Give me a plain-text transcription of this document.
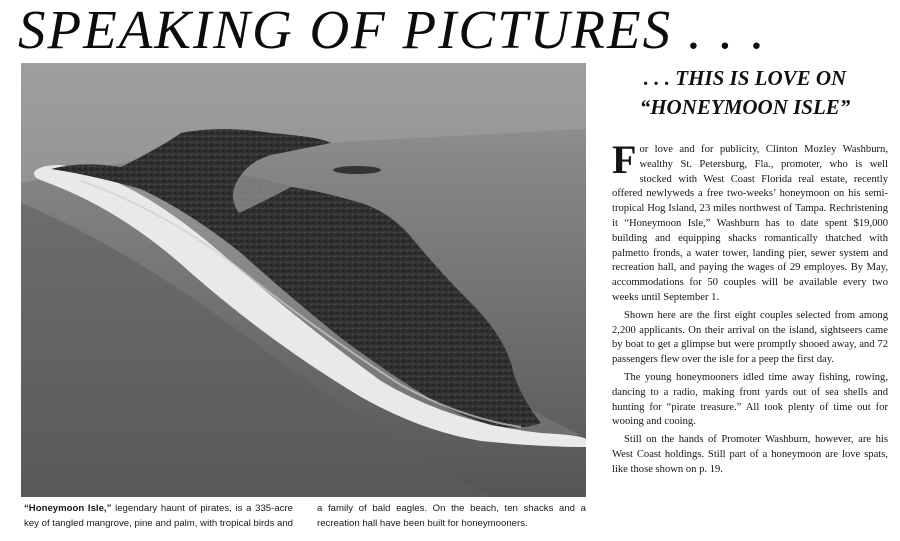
SPEAKING OF PICTURES . . .
. . . THIS IS LOVE ON
“HONEYMOON ISLE”

For love and for publicity, Clinton Mozley Washburn, wealthy St. Petersburg, Fla., promoter, who is well stocked with West Coast Florida real estate, recently offered newlyweds a free two-weeks’ honeymoon on his semi-tropical Hog Island, 23 miles northwest of Tampa. Rechristening it “Honeymoon Isle,” Washburn has to date spent $19,000 building and equipping shacks romantically thatched with palmetto fronds, a water tower, landing pier, sewer system and recreation hall, and paying the wages of 29 employes. By May, accommodations for 50 couples will be available every two weeks until September 1.

Shown here are the first eight couples selected from among 2,200 applicants. On their arrival on the island, sightseers came by boat to get a glimpse but were promptly shooed away, and 72 passengers flew over the isle for a peep the first day.

The young honeymooners idled time away fishing, rowing, dancing to a radio, making front yards out of sea shells and hunting for “pirate treasure.” All took plenty of time out for wooing and cooing.

Still on the hands of Promoter Washburn, however, are his West Coast holdings. Still part of a honeymoon are love spats, like those shown on p. 19.

“Honeymoon Isle,” legendary haunt of pirates, is a 335-acre key of tangled mangrove, pine and palm, with tropical birds and a family of bald eagles. On the beach, ten shacks and a recreation hall have been built for honeymooners.
